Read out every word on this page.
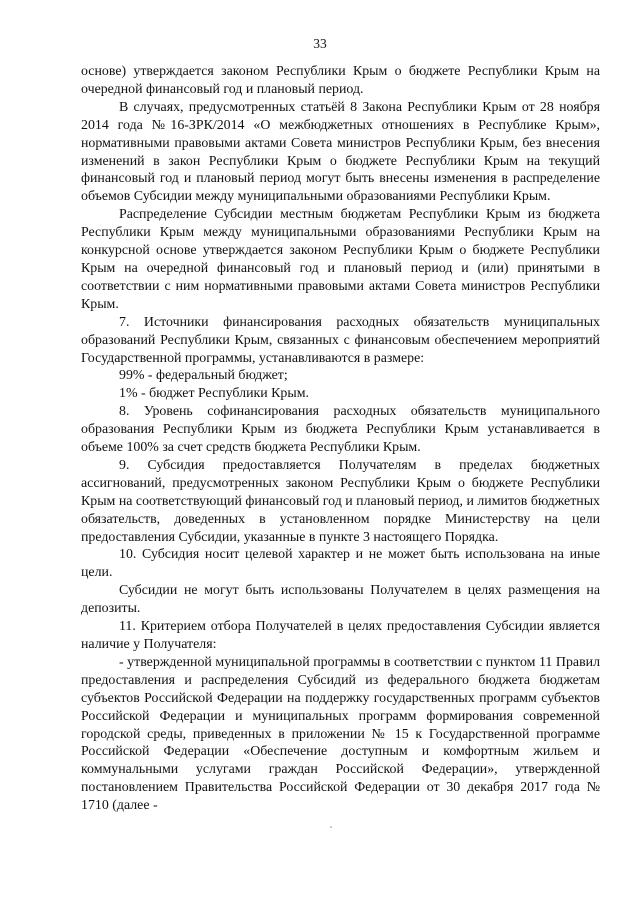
33

основе) утверждается законом Республики Крым о бюджете Республики Крым на очередной финансовый год и плановый период.

В случаях, предусмотренных статьёй 8 Закона Республики Крым от 28 ноября 2014 года №16-ЗРК/2014 «О межбюджетных отношениях в Республике Крым», нормативными правовыми актами Совета министров Республики Крым, без внесения изменений в закон Республики Крым о бюджете Республики Крым на текущий финансовый год и плановый период могут быть внесены изменения в распределение объемов Субсидии между муниципальными образованиями Республики Крым.

Распределение Субсидии местным бюджетам Республики Крым из бюджета Республики Крым между муниципальными образованиями Республики Крым на конкурсной основе утверждается законом Республики Крым о бюджете Республики Крым на очередной финансовый год и плановый период и (или) принятыми в соответствии с ним нормативными правовыми актами Совета министров Республики Крым.

7. Источники финансирования расходных обязательств муниципальных образований Республики Крым, связанных с финансовым обеспечением мероприятий Государственной программы, устанавливаются в размере:

99% - федеральный бюджет;

1% - бюджет Республики Крым.

8. Уровень софинансирования расходных обязательств муниципального образования Республики Крым из бюджета Республики Крым устанавливается в объеме 100% за счет средств бюджета Республики Крым.

9. Субсидия предоставляется Получателям в пределах бюджетных ассигнований, предусмотренных законом Республики Крым о бюджете Республики Крым на соответствующий финансовый год и плановый период, и лимитов бюджетных обязательств, доведенных в установленном порядке Министерству на цели предоставления Субсидии, указанные в пункте 3 настоящего Порядка.

10. Субсидия носит целевой характер и не может быть использована на иные цели.

Субсидии не могут быть использованы Получателем в целях размещения на депозиты.

11. Критерием отбора Получателей в целях предоставления Субсидии является наличие у Получателя:

- утвержденной муниципальной программы в соответствии с пунктом 11 Правил предоставления и распределения Субсидий из федерального бюджета бюджетам субъектов Российской Федерации на поддержку государственных программ субъектов Российской Федерации и муниципальных программ формирования современной городской среды, приведенных в приложении № 15 к Государственной программе Российской Федерации «Обеспечение доступным и комфортным жильем и коммунальными услугами граждан Российской Федерации», утвержденной постановлением Правительства Российской Федерации от 30 декабря 2017 года № 1710 (далее -
